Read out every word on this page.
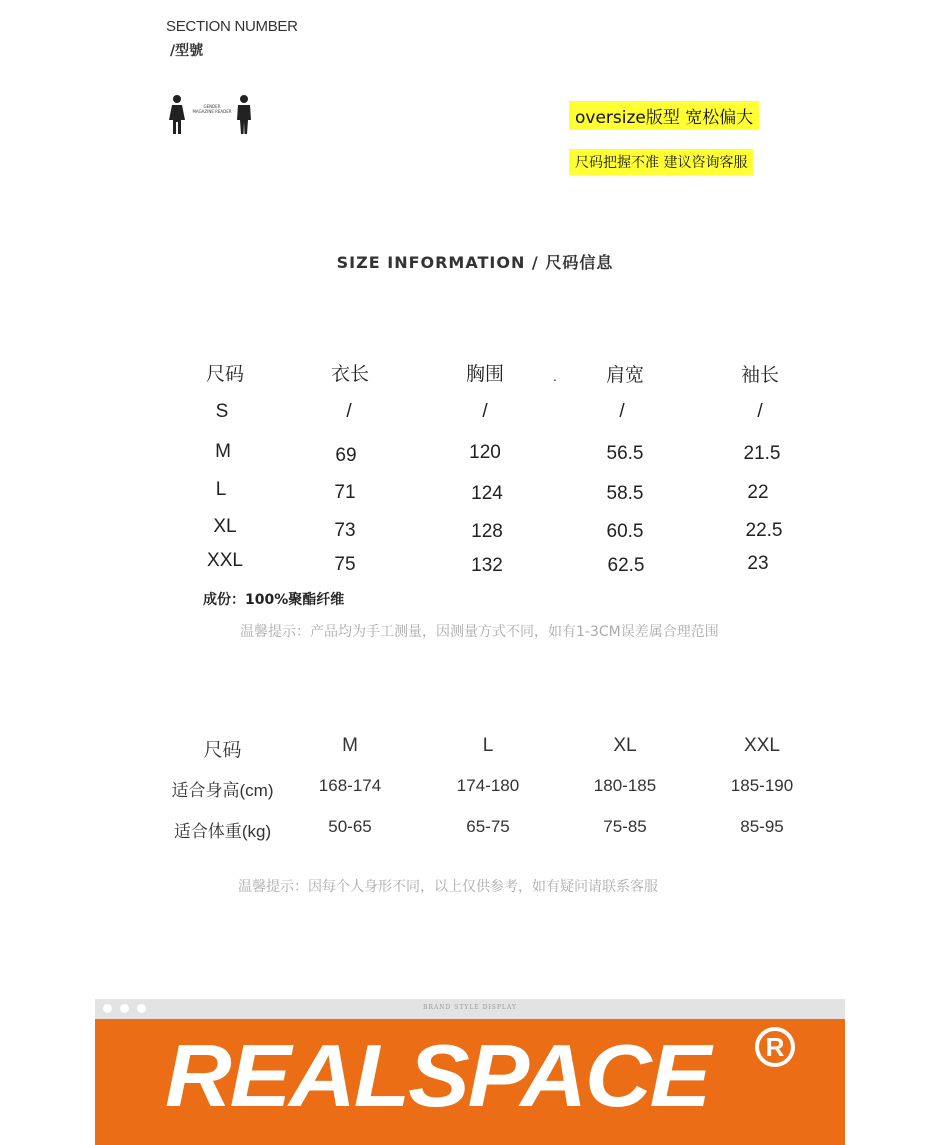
SECTION NUMBER
/型號
GENDER
MAGAZINE READER	oversize版型 宽松偏大
尺码把握不准 建议咨询客服
SIZE INFORMATION / 尺码信息
尺码	衣长	胸围	肩宽	袖长
.
S	/	/	/	/
M	69	120	56.5	21.5
L	71	124	58.5	22
XL	73	128	60.5	22.5
XXL	75	132	62.5	23
成份：100%聚酯纤维
温馨提示：产品均为手工测量，因测量方式不同，如有1-3CM误差属合理范围
尺码	M	L	XL	XXL
适合身高(cm)	168-174	174-180	180-185	185-190
适合体重(kg)	50-65	65-75	75-85	85-95
温馨提示：因每个人身形不同，以上仅供参考，如有疑问请联系客服
BRAND STYLE DISPLAY
REALSPACE	R
